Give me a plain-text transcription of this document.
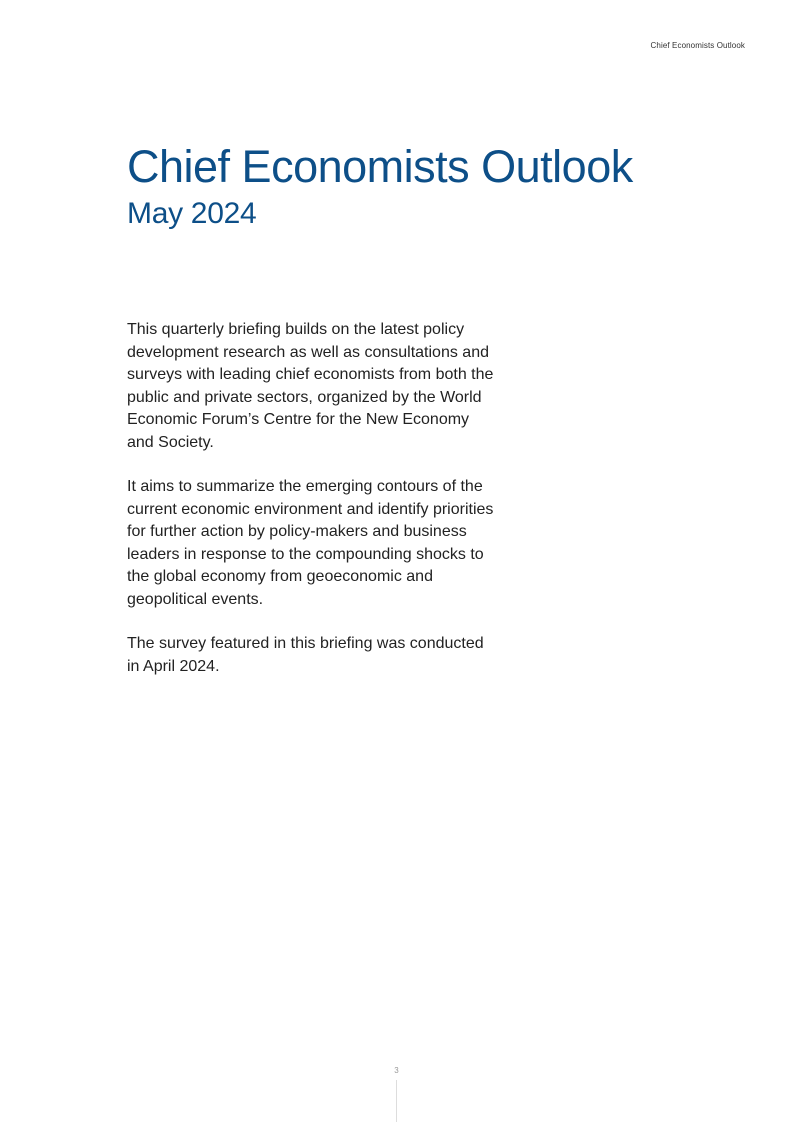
Chief Economists Outlook
Chief Economists Outlook
May 2024

This quarterly briefing builds on the latest policy development research as well as consultations and surveys with leading chief economists from both the public and private sectors, organized by the World Economic Forum’s Centre for the New Economy and Society.

It aims to summarize the emerging contours of the current economic environment and identify priorities for further action by policy-makers and business leaders in response to the compounding shocks to the global economy from geoeconomic and geopolitical events.

The survey featured in this briefing was conducted in April 2024.

3
